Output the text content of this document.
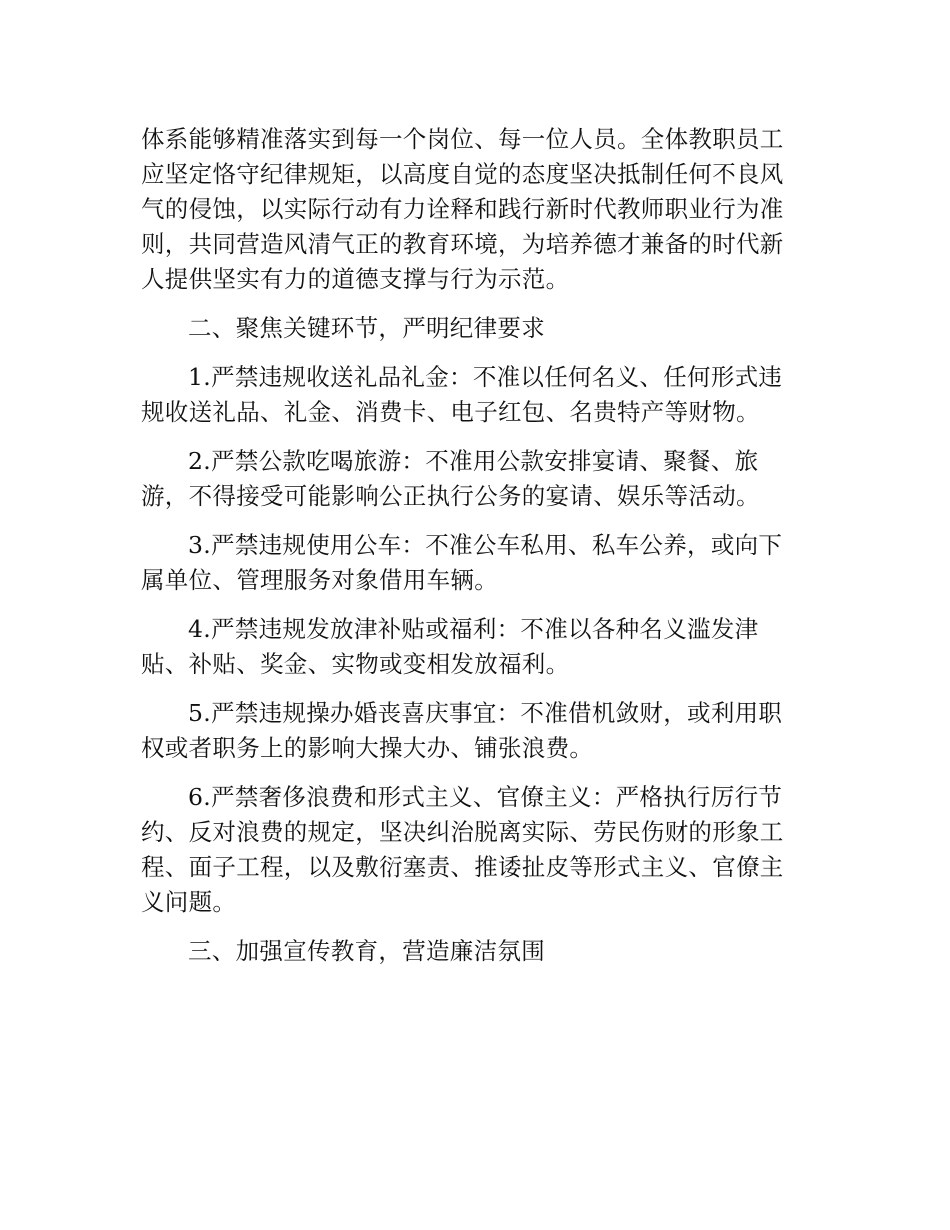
体系能够精准落实到每一个岗位、每一位人员。全体教职员工
应坚定恪守纪律规矩，以高度自觉的态度坚决抵制任何不良风
气的侵蚀，以实际行动有力诠释和践行新时代教师职业行为准
则，共同营造风清气正的教育环境，为培养德才兼备的时代新
人提供坚实有力的道德支撑与行为示范。
二、聚焦关键环节，严明纪律要求
1.严禁违规收送礼品礼金：不准以任何名义、任何形式违
规收送礼品、礼金、消费卡、电子红包、名贵特产等财物。
2.严禁公款吃喝旅游：不准用公款安排宴请、聚餐、旅
游，不得接受可能影响公正执行公务的宴请、娱乐等活动。
3.严禁违规使用公车：不准公车私用、私车公养，或向下
属单位、管理服务对象借用车辆。
4.严禁违规发放津补贴或福利：不准以各种名义滥发津
贴、补贴、奖金、实物或变相发放福利。
5.严禁违规操办婚丧喜庆事宜：不准借机敛财，或利用职
权或者职务上的影响大操大办、铺张浪费。
6.严禁奢侈浪费和形式主义、官僚主义：严格执行厉行节
约、反对浪费的规定，坚决纠治脱离实际、劳民伤财的形象工
程、面子工程，以及敷衍塞责、推诿扯皮等形式主义、官僚主
义问题。
三、加强宣传教育，营造廉洁氛围
